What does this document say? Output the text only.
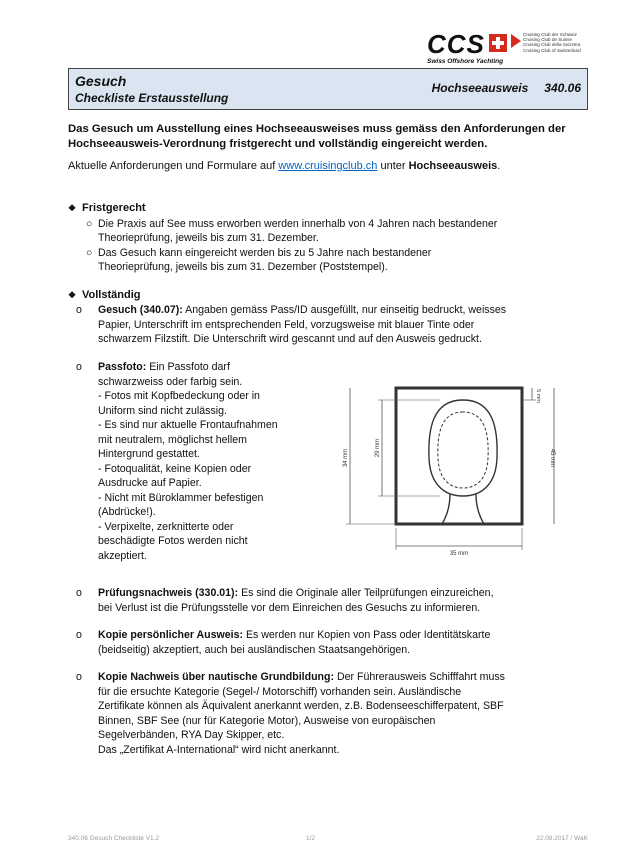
CCS
Swiss Offshore Yachting
Cruising Club der Schweiz
Cruising Club de Suisse
Cruising Club della Svizzera
Cruising Club of Switzerland
Gesuch
Checkliste Erstausstellung
Hochseeausweis 340.06
Das Gesuch um Ausstellung eines Hochseeausweises muss gemäss den Anforderungen der Hochseeausweis-Verordnung fristgerecht und vollständig eingereicht werden.
Aktuelle Anforderungen und Formulare auf www.cruisingclub.ch unter Hochseeausweis.
❖ Fristgerecht
○ Die Praxis auf See muss erworben werden innerhalb von 4 Jahren nach bestandener
Theorieprüfung, jeweils bis zum 31. Dezember.
○ Das Gesuch kann eingereicht werden bis zu 5 Jahre nach bestandener
Theorieprüfung, jeweils bis zum 31. Dezember (Poststempel).
❖ Vollständig
o Gesuch (340.07): Angaben gemäss Pass/ID ausgefüllt, nur einseitig bedruckt, weisses
Papier, Unterschrift im entsprechenden Feld, vorzugsweise mit blauer Tinte oder
schwarzem Filzstift. Die Unterschrift wird gescannt und auf den Ausweis gedruckt.
o Passfoto: Ein Passfoto darf
schwarzweiss oder farbig sein.
- Fotos mit Kopfbedeckung oder in
Uniform sind nicht zulässig.
- Es sind nur aktuelle Frontaufnahmen
mit neutralem, möglichst hellem
Hintergrund gestattet.
- Fotoqualität, keine Kopien oder
Ausdrucke auf Papier.
- Nicht mit Büroklammer befestigen
(Abdrücke!).
- Verpixelte, zerknitterte oder
beschädigte Fotos werden nicht
akzeptiert.
34 mm
29 mm
45 mm
5 mm
35 mm
o Prüfungsnachweis (330.01): Es sind die Originale aller Teilprüfungen einzureichen,
bei Verlust ist die Prüfungsstelle vor dem Einreichen des Gesuchs zu informieren.
o Kopie persönlicher Ausweis: Es werden nur Kopien von Pass oder Identitätskarte
(beidseitig) akzeptiert, auch bei ausländischen Staatsangehörigen.
o Kopie Nachweis über nautische Grundbildung: Der Führerausweis Schifffahrt muss
für die ersuchte Kategorie (Segel-/ Motorschiff) vorhanden sein. Ausländische
Zertifikate können als Äquivalent anerkannt werden, z.B. Bodenseeschifferpatent, SBF
Binnen, SBF See (nur für Kategorie Motor), Ausweise von europäischen
Segelverbänden, RYA Day Skipper, etc.
Das „Zertifikat A-International“ wird nicht anerkannt.
340.06 Gesuch Checkliste V1.2	1/2	22.08.2017 / WaK
